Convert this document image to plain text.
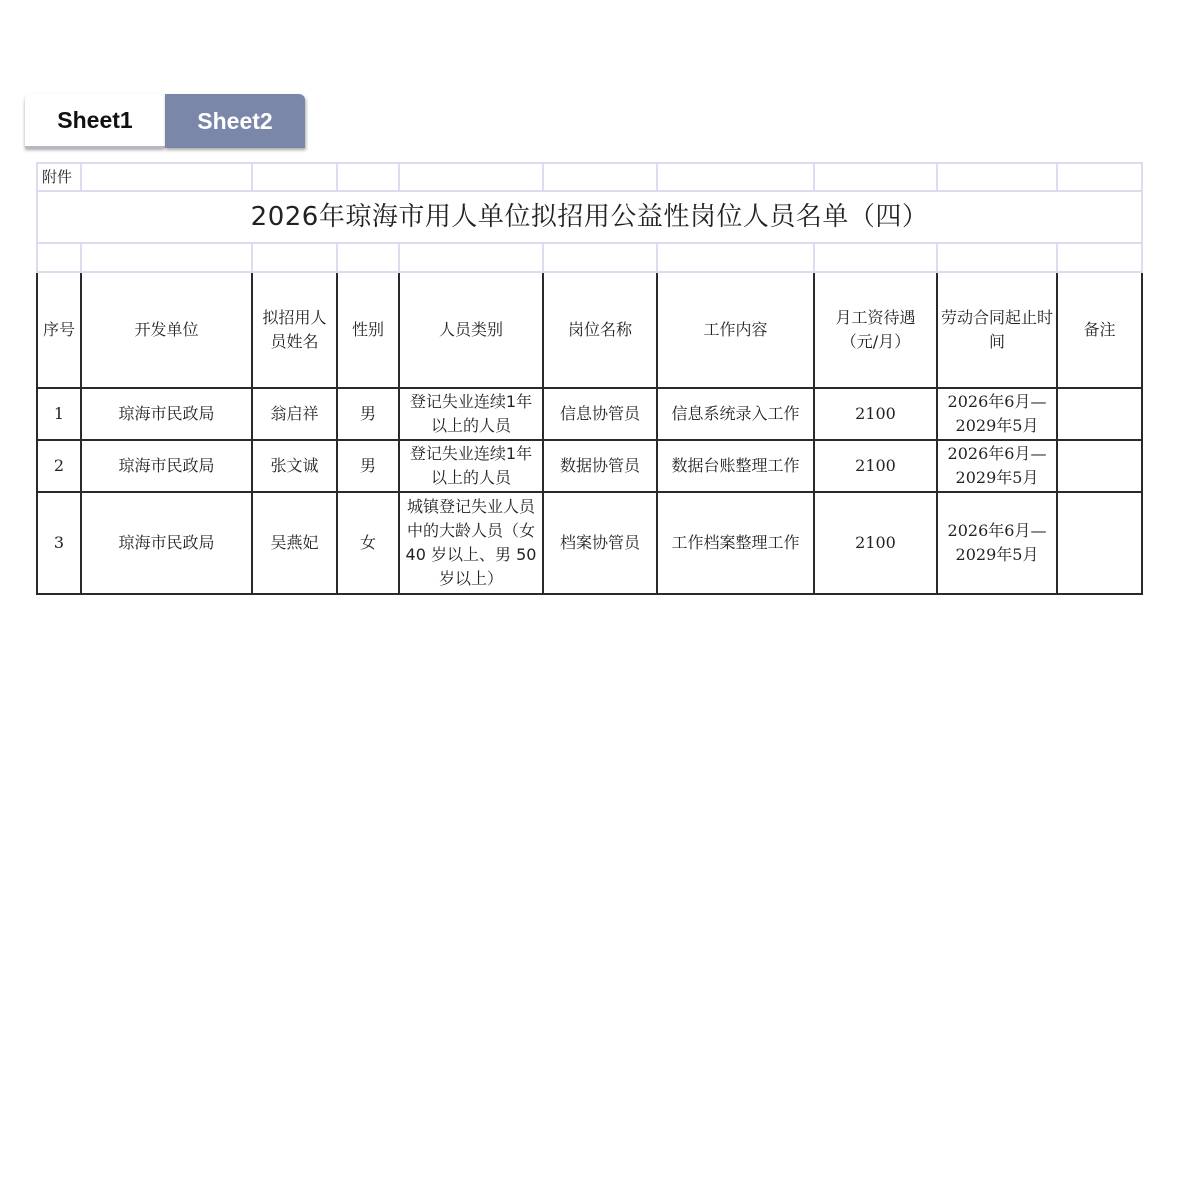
Sheet1	Sheet2
附件									
2026年琼海市用人单位拟招用公益性岗位人员名单（四）									

序号	开发单位	拟招用人员姓名	性别	人员类别	岗位名称	工作内容	月工资待遇（元/月）	劳动合同起止时间	备注
1	琼海市民政局	翁启祥	男	登记失业连续1年以上的人员	信息协管员	信息系统录入工作	2100	2026年6月—2029年5月	
2	琼海市民政局	张文诚	男	登记失业连续1年以上的人员	数据协管员	数据台账整理工作	2100	2026年6月—2029年5月	
3	琼海市民政局	吴燕妃	女	城镇登记失业人员中的大龄人员（女40 岁以上、男 50岁以上）	档案协管员	工作档案整理工作	2100	2026年6月—2029年5月	
